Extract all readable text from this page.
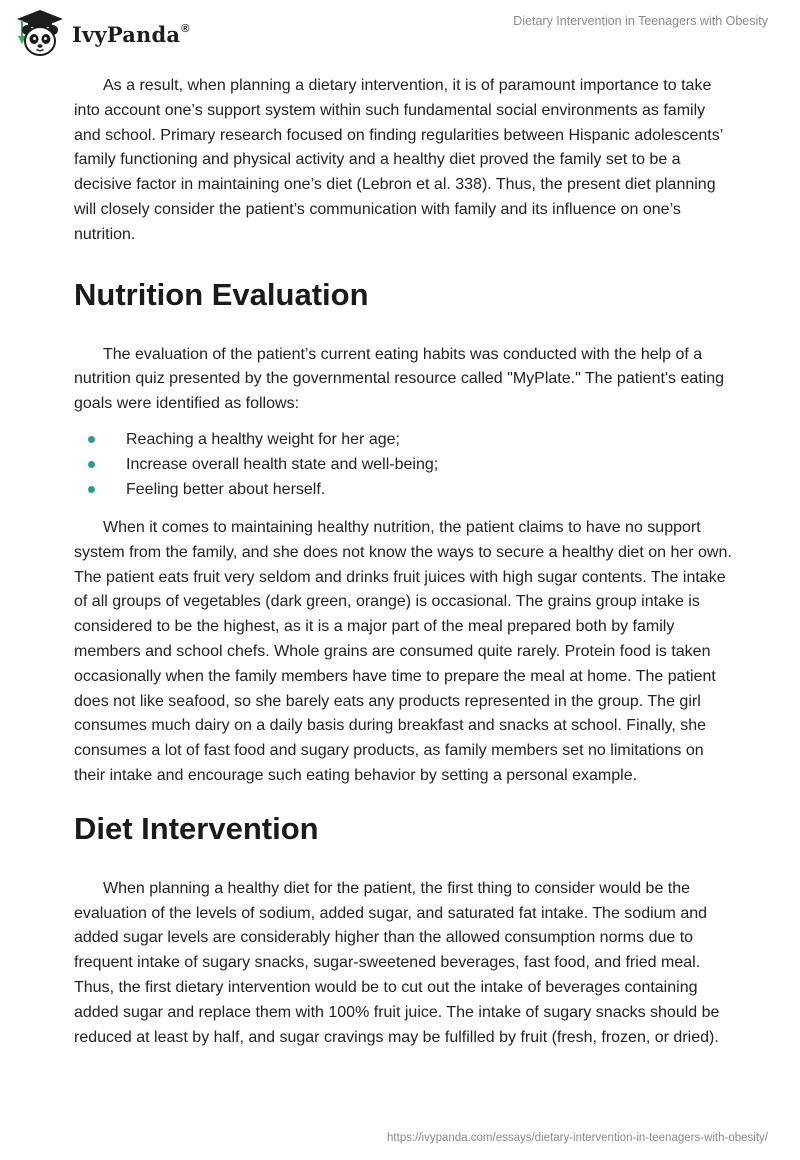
IvyPanda®
Dietary Intervention in Teenagers with Obesity

As a result, when planning a dietary intervention, it is of paramount importance to take into account one’s support system within such fundamental social environments as family and school. Primary research focused on finding regularities between Hispanic adolescents’ family functioning and physical activity and a healthy diet proved the family set to be a decisive factor in maintaining one’s diet (Lebron et al. 338). Thus, the present diet planning will closely consider the patient’s communication with family and its influence on one’s nutrition.

Nutrition Evaluation

The evaluation of the patient’s current eating habits was conducted with the help of a nutrition quiz presented by the governmental resource called "MyPlate." The patient's eating goals were identified as follows:

Reaching a healthy weight for her age;
Increase overall health state and well-being;
Feeling better about herself.

When it comes to maintaining healthy nutrition, the patient claims to have no support system from the family, and she does not know the ways to secure a healthy diet on her own. The patient eats fruit very seldom and drinks fruit juices with high sugar contents. The intake of all groups of vegetables (dark green, orange) is occasional. The grains group intake is considered to be the highest, as it is a major part of the meal prepared both by family members and school chefs. Whole grains are consumed quite rarely. Protein food is taken occasionally when the family members have time to prepare the meal at home. The patient does not like seafood, so she barely eats any products represented in the group. The girl consumes much dairy on a daily basis during breakfast and snacks at school. Finally, she consumes a lot of fast food and sugary products, as family members set no limitations on their intake and encourage such eating behavior by setting a personal example.

Diet Intervention

When planning a healthy diet for the patient, the first thing to consider would be the evaluation of the levels of sodium, added sugar, and saturated fat intake. The sodium and added sugar levels are considerably higher than the allowed consumption norms due to frequent intake of sugary snacks, sugar-sweetened beverages, fast food, and fried meal. Thus, the first dietary intervention would be to cut out the intake of beverages containing added sugar and replace them with 100% fruit juice. The intake of sugary snacks should be reduced at least by half, and sugar cravings may be fulfilled by fruit (fresh, frozen, or dried).

https://ivypanda.com/essays/dietary-intervention-in-teenagers-with-obesity/
